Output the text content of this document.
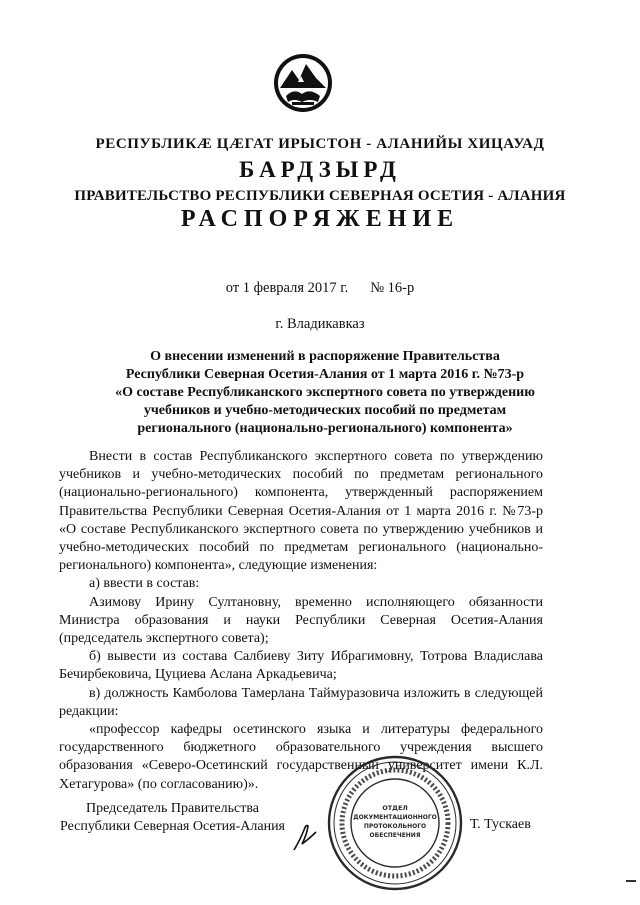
РЕСПУБЛИКÆ ЦÆГАТ ИРЫСТОН - АЛАНИЙЫ ХИЦАУАД
БАРДЗЫРД
ПРАВИТЕЛЬСТВО РЕСПУБЛИКИ СЕВЕРНАЯ ОСЕТИЯ - АЛАНИЯ
РАСПОРЯЖЕНИЕ
от 1 февраля 2017 г. № 16-р
г. Владикавказ
О внесении изменений в распоряжение Правительства
Республики Северная Осетия-Алания от 1 марта 2016 г. №73-р
«О составе Республиканского экспертного совета по утверждению
учебников и учебно-методических пособий по предметам
регионального (национально-регионального) компонента»

Внести в состав Республиканского экспертного совета по утверждению учебников и учебно-методических пособий по предметам регионального (национально-регионального) компонента, утвержденный распоряжением Правительства Республики Северная Осетия-Алания от 1 марта 2016 г. №73-р «О составе Республиканского экспертного совета по утверждению учебников и учебно-методических пособий по предметам регионального (национально-регионального) компонента», следующие изменения:

а) ввести в состав:

Азимову Ирину Султановну, временно исполняющего обязанности Министра образования и науки Республики Северная Осетия-Алания (председатель экспертного совета);

б) вывести из состава Салбиеву Зиту Ибрагимовну, Тотрова Владислава Бечирбековича, Цуциева Аслана Аркадьевича;

в) должность Камболова Тамерлана Таймуразовича изложить в следующей редакции:

«профессор кафедры осетинского языка и литературы федерального государственного бюджетного образовательного учреждения высшего образования «Северо-Осетинский государственный университет имени К.Л. Хетагурова» (по согласованию)».

Председатель Правительства
Республики Северная Осетия-Алания
ОТДЕЛ
ДОКУМЕНТАЦИОННОГО
ПРОТОКОЛЬНОГО
ОБЕСПЕЧЕНИЯ
Т. Тускаев
